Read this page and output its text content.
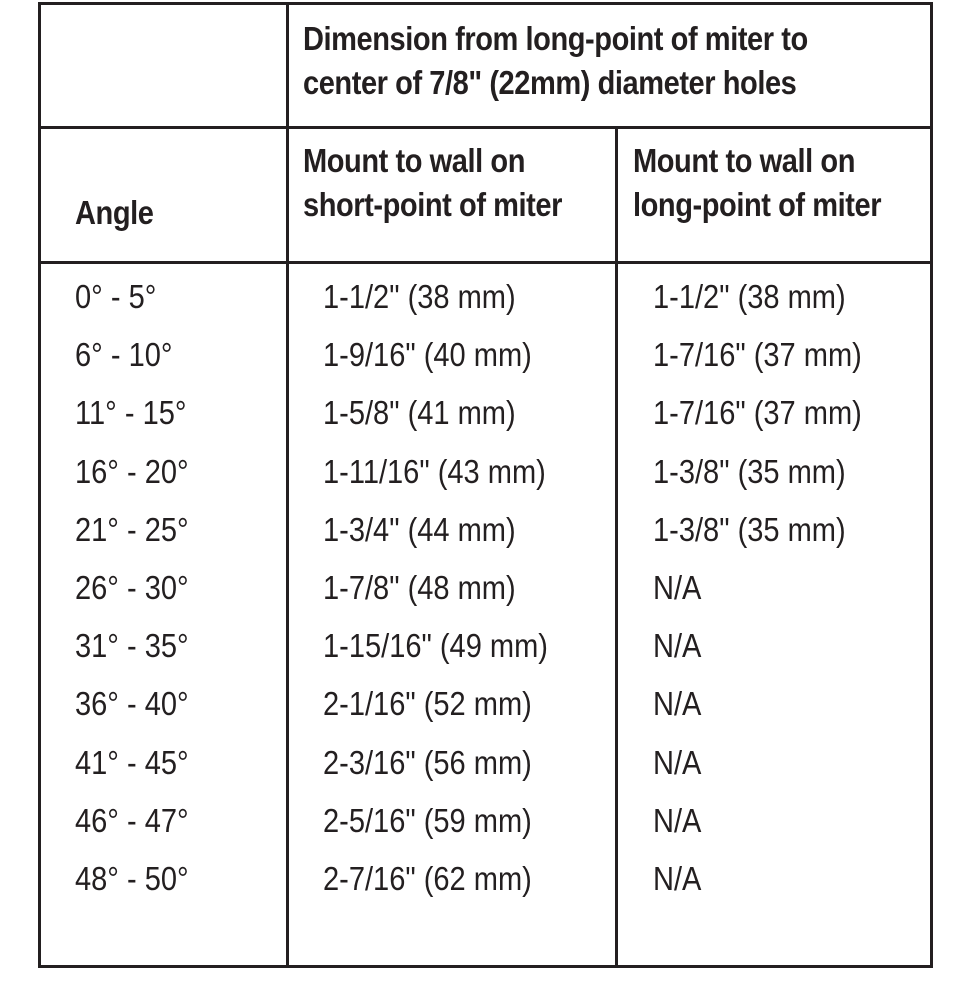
Dimension from long-point of miter to
center of 7/8" (22mm) diameter holes
Angle
Mount to wall on
short-point of miter
Mount to wall on
long-point of miter
0° - 5°	1-1/2" (38 mm)	1-1/2" (38 mm)
6° - 10°	1-9/16" (40 mm)	1-7/16" (37 mm)
11° - 15°	1-5/8" (41 mm)	1-7/16" (37 mm)
16° - 20°	1-11/16" (43 mm)	1-3/8" (35 mm)
21° - 25°	1-3/4" (44 mm)	1-3/8" (35 mm)
26° - 30°	1-7/8" (48 mm)	N/A
31° - 35°	1-15/16" (49 mm)	N/A
36° - 40°	2-1/16" (52 mm)	N/A
41° - 45°	2-3/16" (56 mm)	N/A
46° - 47°	2-5/16" (59 mm)	N/A
48° - 50°	2-7/16" (62 mm)	N/A
